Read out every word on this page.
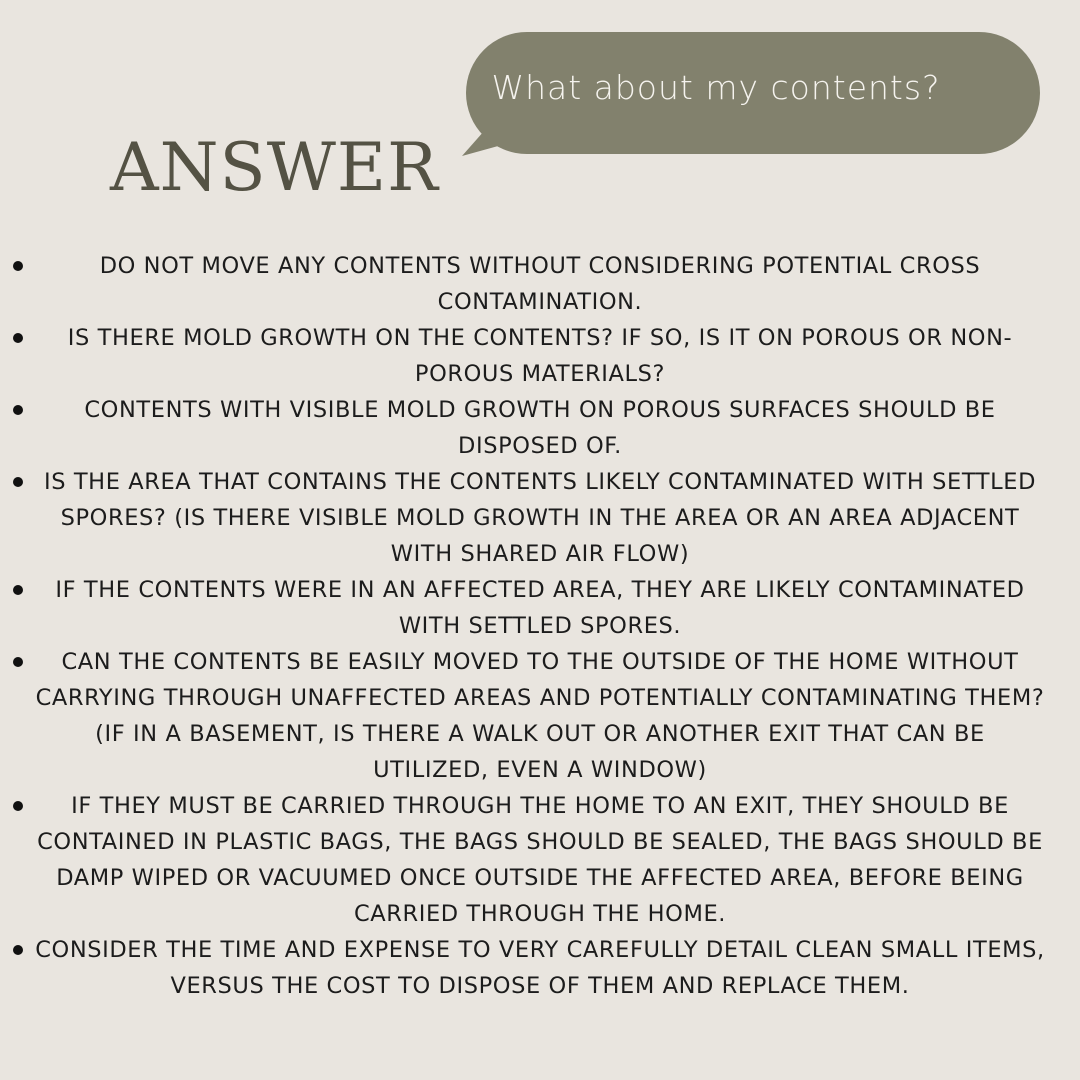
What about my contents?
ANSWER
DO NOT MOVE ANY CONTENTS WITHOUT CONSIDERING POTENTIAL CROSS CONTAMINATION.
IS THERE MOLD GROWTH ON THE CONTENTS? IF SO, IS IT ON POROUS OR NON-POROUS MATERIALS?
CONTENTS WITH VISIBLE MOLD GROWTH ON POROUS SURFACES SHOULD BE DISPOSED OF.
IS THE AREA THAT CONTAINS THE CONTENTS LIKELY CONTAMINATED WITH SETTLED SPORES? (IS THERE VISIBLE MOLD GROWTH IN THE AREA OR AN AREA ADJACENT WITH SHARED AIR FLOW)
IF THE CONTENTS WERE IN AN AFFECTED AREA, THEY ARE LIKELY CONTAMINATED WITH SETTLED SPORES.
CAN THE CONTENTS BE EASILY MOVED TO THE OUTSIDE OF THE HOME WITHOUT CARRYING THROUGH UNAFFECTED AREAS AND POTENTIALLY CONTAMINATING THEM? (IF IN A BASEMENT, IS THERE A WALK OUT OR ANOTHER EXIT THAT CAN BE UTILIZED, EVEN A WINDOW)
IF THEY MUST BE CARRIED THROUGH THE HOME TO AN EXIT, THEY SHOULD BE CONTAINED IN PLASTIC BAGS, THE BAGS SHOULD BE SEALED, THE BAGS SHOULD BE DAMP WIPED OR VACUUMED ONCE OUTSIDE THE AFFECTED AREA, BEFORE BEING CARRIED THROUGH THE HOME.
CONSIDER THE TIME AND EXPENSE TO VERY CAREFULLY DETAIL CLEAN SMALL ITEMS, VERSUS THE COST TO DISPOSE OF THEM AND REPLACE THEM.
